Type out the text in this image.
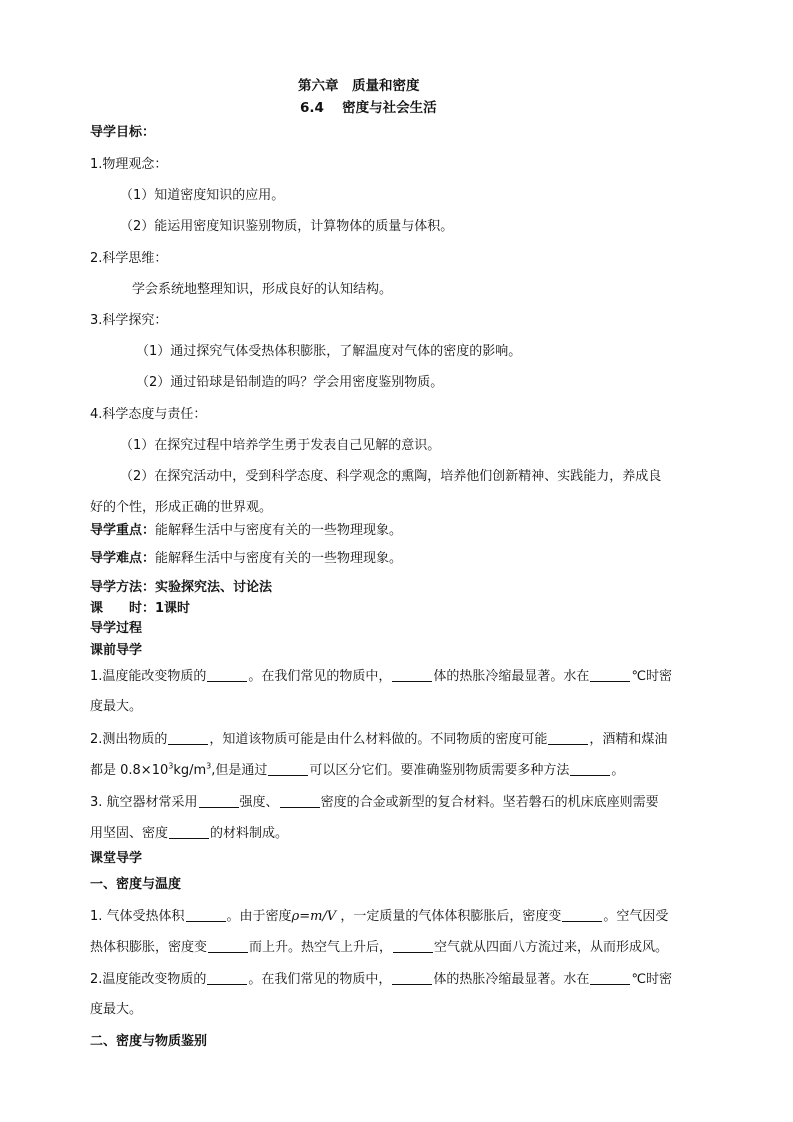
第六章　质量和密度
6.4　 密度与社会生活
导学目标：
1.物理观念：
（1）知道密度知识的应用。
（2）能运用密度知识鉴别物质，计算物体的质量与体积。
2.科学思维：
学会系统地整理知识，形成良好的认知结构。
3.科学探究：
（1）通过探究气体受热体积膨胀，了解温度对气体的密度的影响。
（2）通过铅球是铅制造的吗？学会用密度鉴别物质。
4.科学态度与责任：
（1）在探究过程中培养学生勇于发表自己见解的意识。
（2）在探究活动中，受到科学态度、科学观念的熏陶，培养他们创新精神、实践能力，养成良
好的个性，形成正确的世界观。
导学重点：能解释生活中与密度有关的一些物理现象。
导学难点：能解释生活中与密度有关的一些物理现象。
导学方法：实验探究法、讨论法
课　　时：1课时
导学过程
课前导学
1.温度能改变物质的	。在我们常见的物质中，	体的热胀冷缩最显著。水在	℃时密
度最大。
2.测出物质的	，知道该物质可能是由什么材料做的。不同物质的密度可能	，酒精和煤油
都是 $0.8\times 10^3kg/m^3$,但是通过	可以区分它们。要准确鉴别物质需要多种方法	。
3. 航空器材常采用	强度、	密度的合金或新型的复合材料。坚若磐石的机床底座则需要
用坚固、密度	的材料制成。
课堂导学
一、密度与温度
1. 气体受热体积	。由于密度ρ=m/V ，一定质量的气体体积膨胀后，密度变	。空气因受
热体积膨胀，密度变	而上升。热空气上升后，	空气就从四面八方流过来，从而形成风。
2.温度能改变物质的	。在我们常见的物质中，	体的热胀冷缩最显著。水在	℃时密
度最大。
二、密度与物质鉴别
